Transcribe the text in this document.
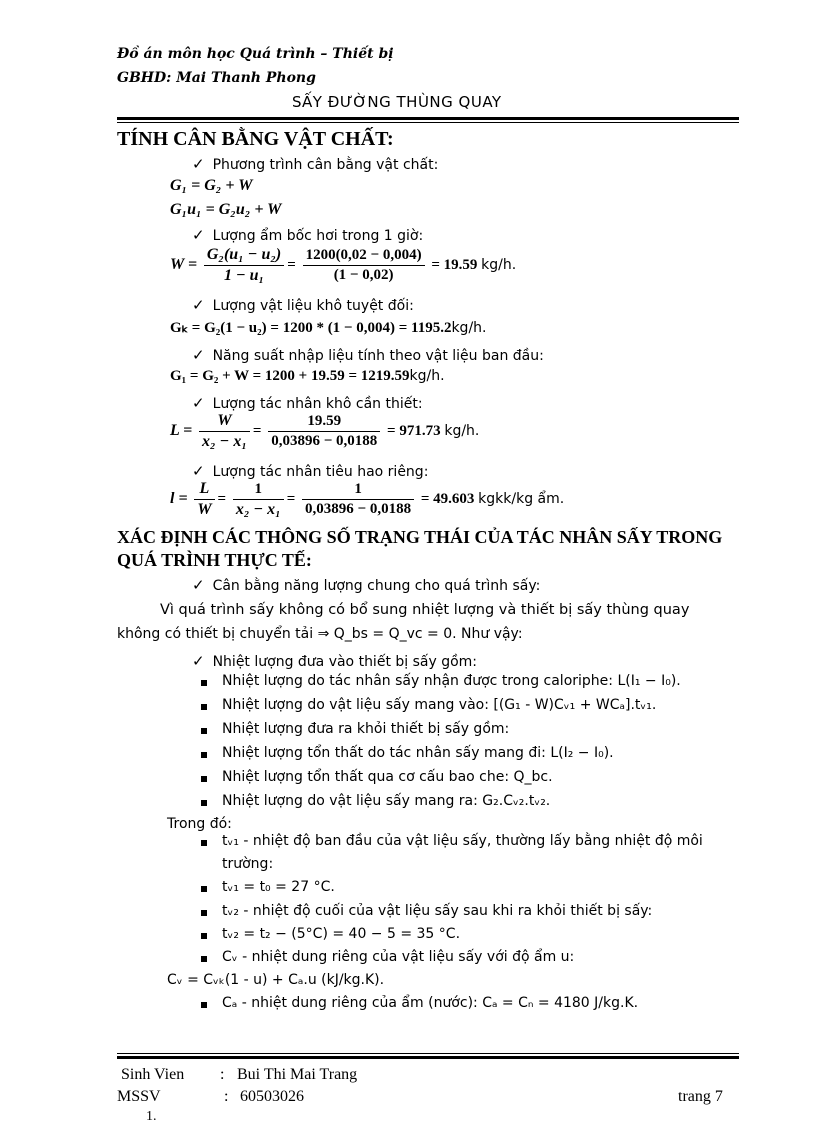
Đồ án môn học Quá trình – Thiết bị
GBHD: Mai Thanh Phong
SẤY ĐƯỜNG THÙNG QUAY
TÍNH CÂN BẰNG VẬT CHẤT:
✓ Phương trình cân bằng vật chất:
G₁ = G₂ + W
G₁u₁ = G₂u₂ + W
✓ Lượng ẩm bốc hơi trong 1 giờ:
$W = \frac{\text{G₂(u₁ − u₂)}}{\text{1 − u₁}} = \frac{1200(0,02 - 0,004)}{(1 - 0,02)} = 19.59$ kg/h.
✓ Lượng vật liệu khô tuyệt đối:
Gₖ = G₂(1 − u₂) = 1200 * (1 − 0,004) = 1195.2kg/h.
✓ Năng suất nhập liệu tính theo vật liệu ban đầu:
G₁ = G₂ + W = 1200 + 19.59 = 1219.59kg/h.
✓ Lượng tác nhân khô cần thiết:
$L = \frac{W}{\text{x₂ − x₁}} = \frac{19.59}{0,03896 - 0,0188} = 971.73$ kg/h.
✓ Lượng tác nhân tiêu hao riêng:
$l = \frac{L}{W} = \frac{1}{\text{x₂ − x₁}} = \frac{1}{0,03896 - 0,0188} = 49.603$ kgkk/kg ẩm.
XÁC ĐỊNH CÁC THÔNG SỐ TRẠNG THÁI CỦA TÁC NHÂN SẤY TRONG
QUÁ TRÌNH THỰC TẾ:
✓ Cân bằng năng lượng chung cho quá trình sấy:
Vì quá trình sấy không có bổ sung nhiệt lượng và thiết bị sấy thùng quay
không có thiết bị chuyển tải ⇒ Q_bs = Q_vc = 0. Như vậy:
✓ Nhiệt lượng đưa vào thiết bị sấy gồm:
Nhiệt lượng do tác nhân sấy nhận được trong caloriphe: L(I₁ − I₀).
Nhiệt lượng do vật liệu sấy mang vào: [(G₁ - W)Cᵥ₁ + WCₐ].tᵥ₁.
Nhiệt lượng đưa ra khỏi thiết bị sấy gồm:
Nhiệt lượng tổn thất do tác nhân sấy mang đi: L(I₂ − I₀).
Nhiệt lượng tổn thất qua cơ cấu bao che: Q_bc.
Nhiệt lượng do vật liệu sấy mang ra: G₂.Cᵥ₂.tᵥ₂.
Trong đó:
tᵥ₁ - nhiệt độ ban đầu của vật liệu sấy, thường lấy bằng nhiệt độ môi
trường:
tᵥ₁ = t₀ = 27 °C.
tᵥ₂ - nhiệt độ cuối của vật liệu sấy sau khi ra khỏi thiết bị sấy:
tᵥ₂ = t₂ − (5°C) = 40 − 5 = 35 °C.
Cᵥ - nhiệt dung riêng của vật liệu sấy với độ ẩm u:
Cᵥ = Cᵥₖ(1 - u) + Cₐ.u (kJ/kg.K).
Cₐ - nhiệt dung riêng của ẩm (nước): Cₐ = Cₙ = 4180 J/kg.K.
Sinh Vien : Bui Thi Mai Trang
MSSV	: 60503026	trang 7
1.
